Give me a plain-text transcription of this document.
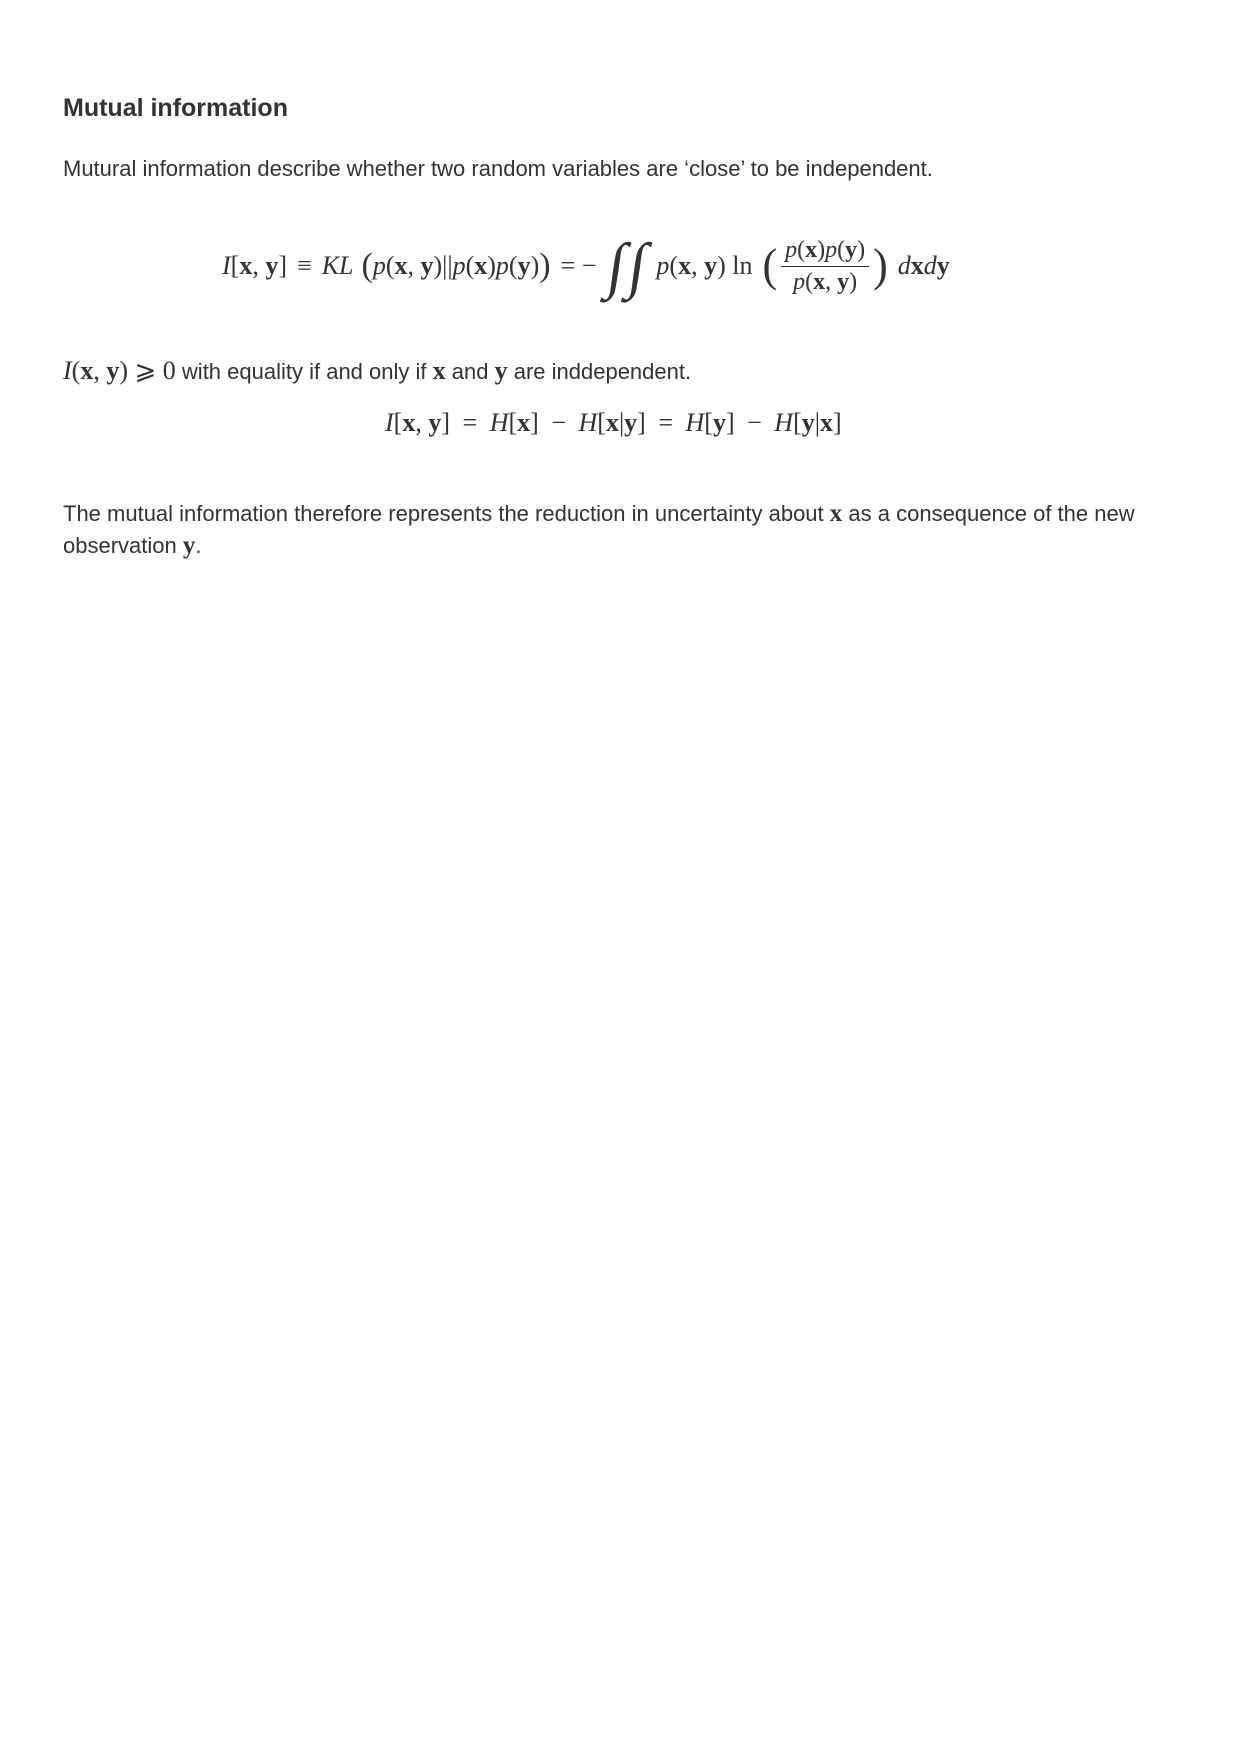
Mutual information

Mutural information describe whether two random variables are ‘close’ to be independent.

I[x, y] ≡ KL ( p(x, y)||p(x)p(y) ) = − ∫
∫ p(x, y) ln ( $\frac{p(x)p(y)}{p(x, y)}$ ) dxdy
I(x, y) ⩾ 0 with equality if and only if x and y are inddependent.
I[x, y] = H[x] − H[x|y] = H[y] − H[y|x]

The mutual information therefore represents the reduction in uncertainty about x as a consequence of the new observation y.
